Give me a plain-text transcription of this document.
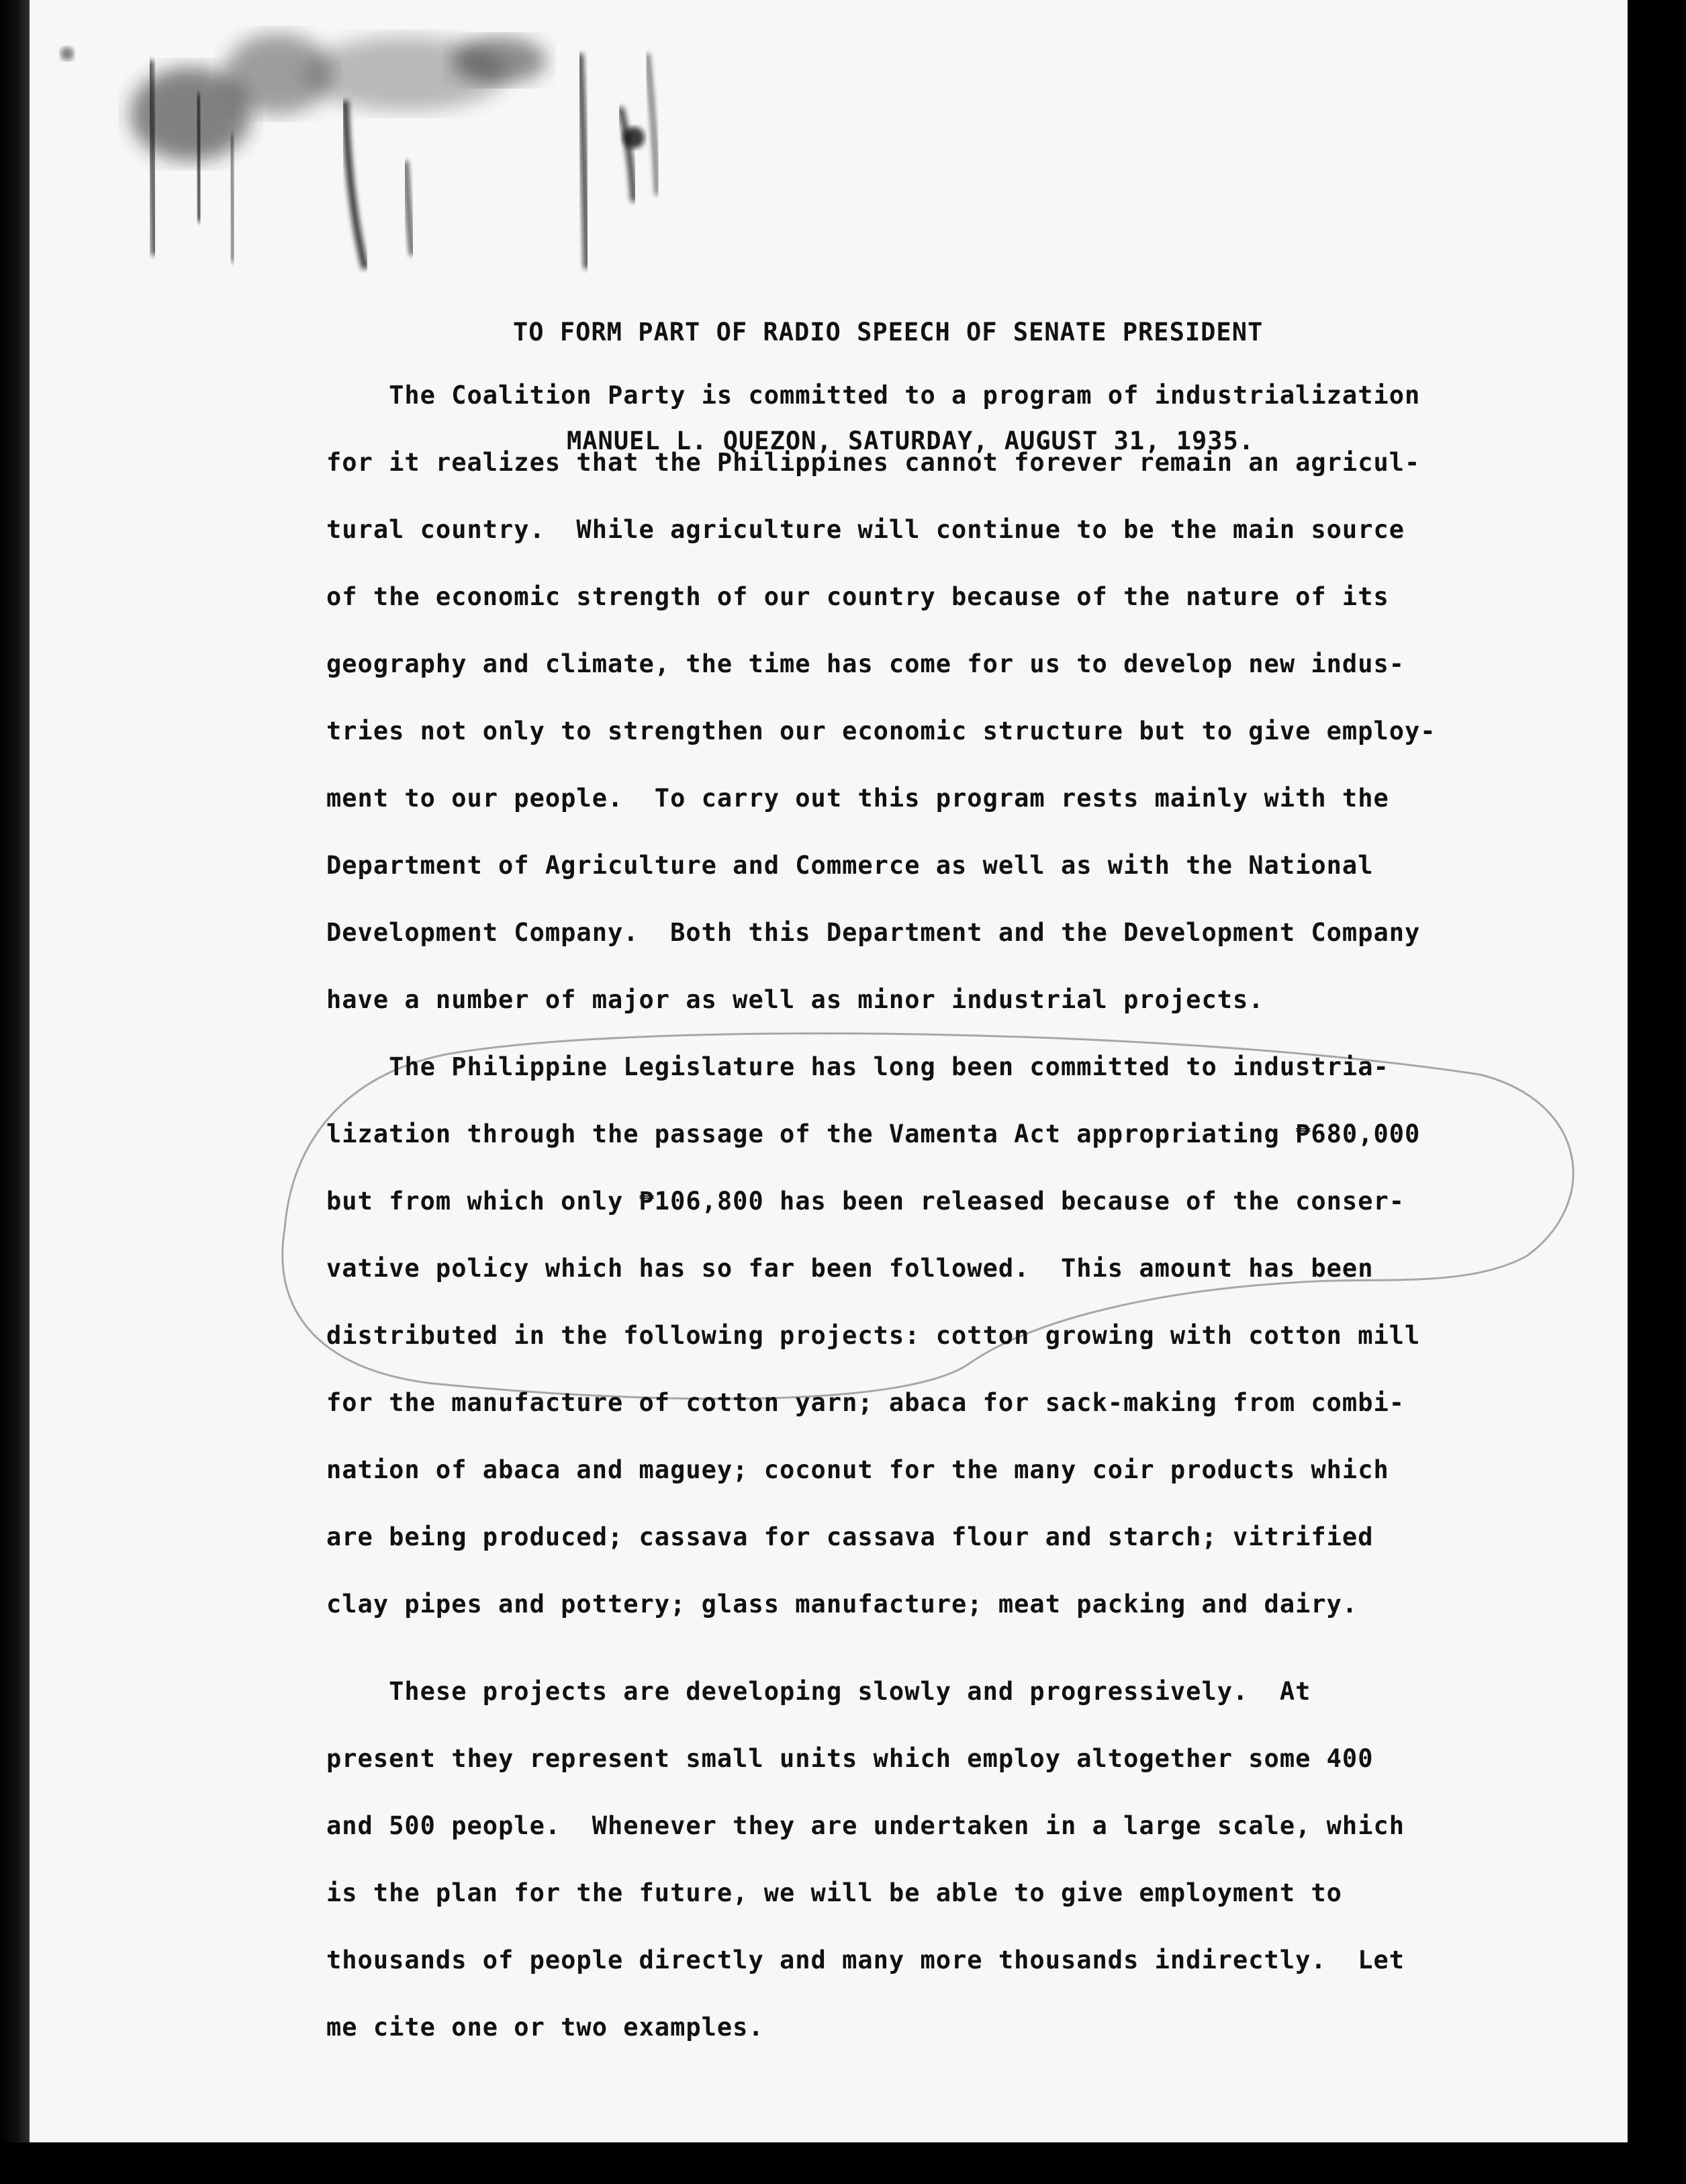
TO FORM PART OF RADIO SPEECH OF SENATE PRESIDENT

MANUEL L. QUEZON, SATURDAY, AUGUST 31, 1935.

The Coalition Party is committed to a program of industrialization
for it realizes that the Philippines cannot forever remain an agricul-
tural country.  While agriculture will continue to be the main source
of the economic strength of our country because of the nature of its
geography and climate, the time has come for us to develop new indus-
tries not only to strengthen our economic structure but to give employ-
ment to our people.  To carry out this program rests mainly with the
Department of Agriculture and Commerce as well as with the National
Development Company.  Both this Department and the Development Company
have a number of major as well as minor industrial projects.
The Philippine Legislature has long been committed to industria-
lization through the passage of the Vamenta Act appropriating ₱680,000
but from which only ₱106,800 has been released because of the conser-
vative policy which has so far been followed.  This amount has been
distributed in the following projects: cotton growing with cotton mill
for the manufacture of cotton yarn; abaca for sack-making from combi-
nation of abaca and maguey; coconut for the many coir products which
are being produced; cassava for cassava flour and starch; vitrified
clay pipes and pottery; glass manufacture; meat packing and dairy.
These projects are developing slowly and progressively.  At
present they represent small units which employ altogether some 400
and 500 people.  Whenever they are undertaken in a large scale, which
is the plan for the future, we will be able to give employment to
thousands of people directly and many more thousands indirectly.  Let
me cite one or two examples.
